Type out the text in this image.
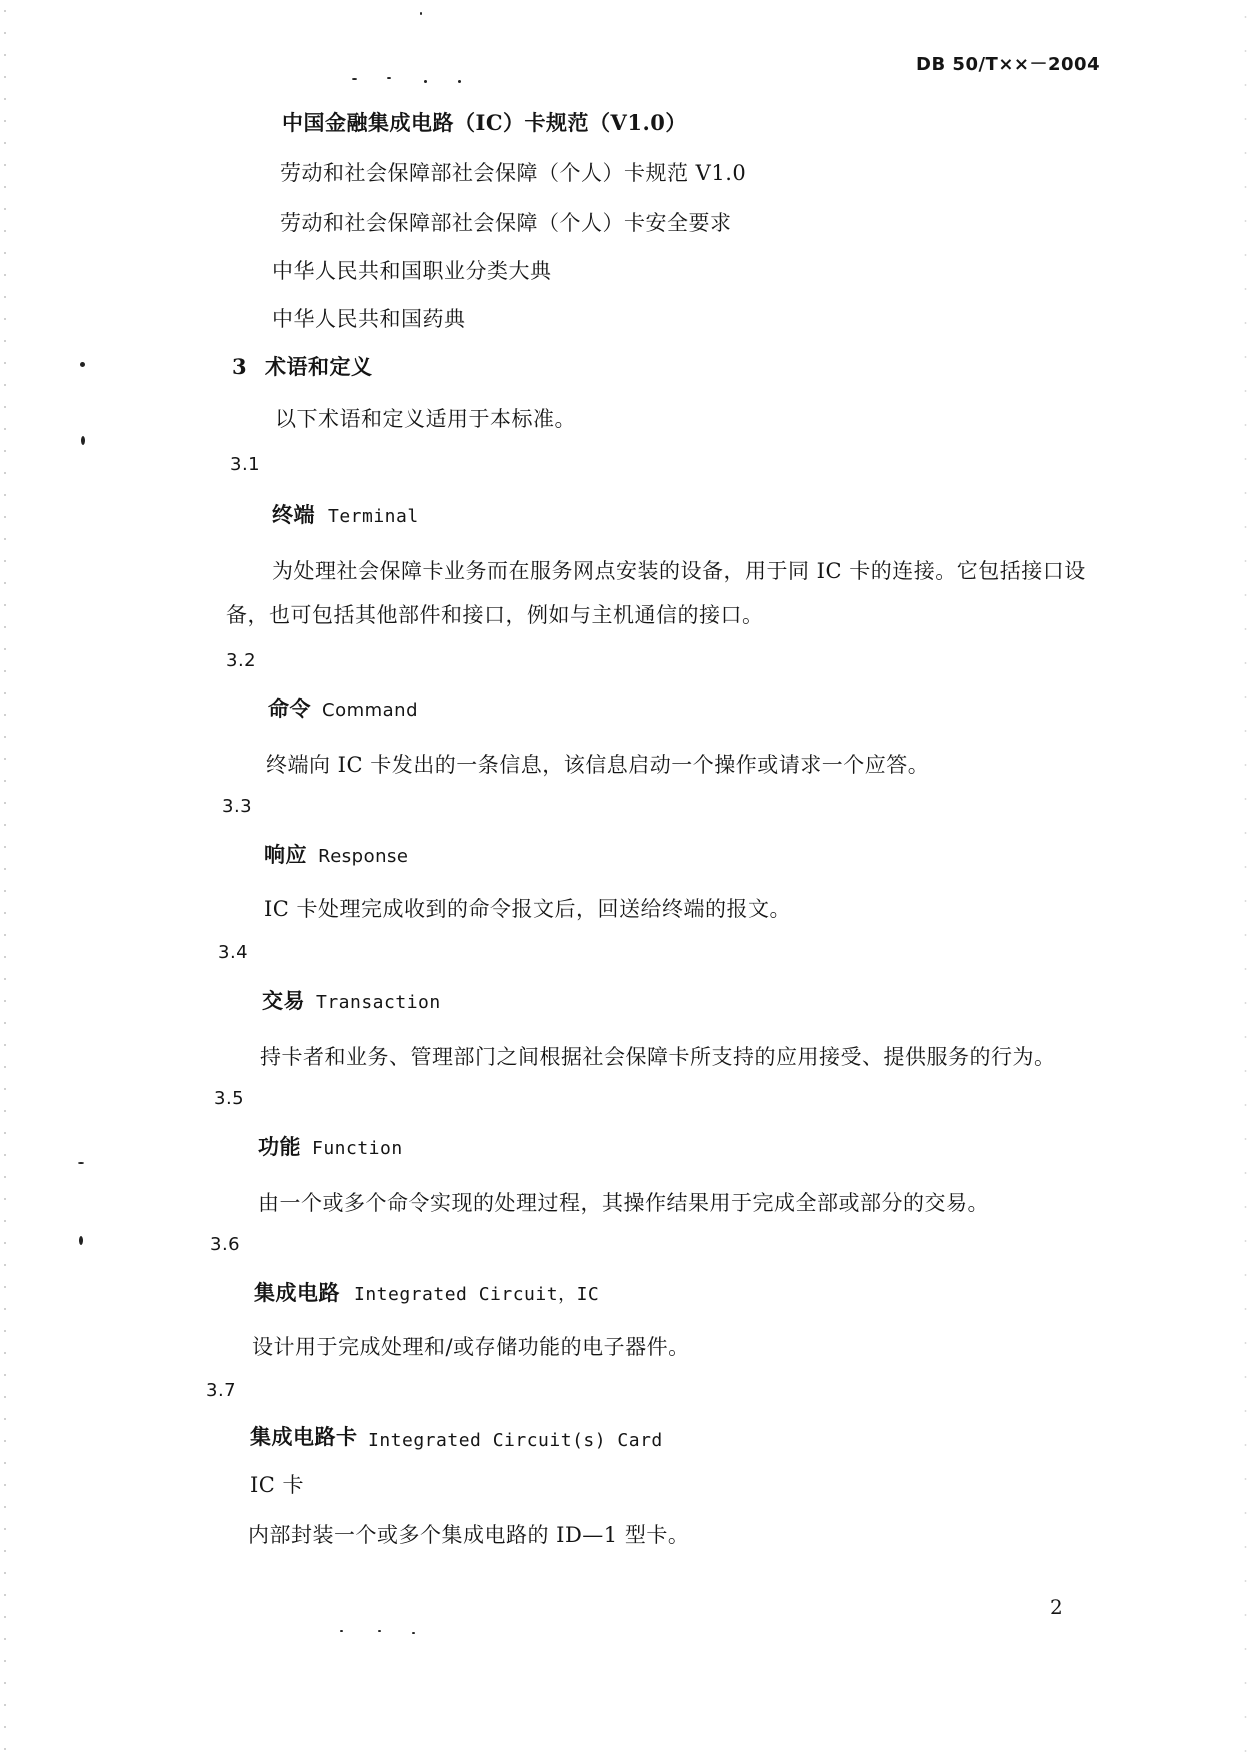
DB 50/T××－2004
中国金融集成电路（IC）卡规范（V1.0）
劳动和社会保障部社会保障（个人）卡规范 V1.0
劳动和社会保障部社会保障（个人）卡安全要求
中华人民共和国职业分类大典
中华人民共和国药典
3 术语和定义
以下术语和定义适用于本标准。
3.1
终端 Terminal
为处理社会保障卡业务而在服务网点安装的设备，用于同 IC 卡的连接。它包括接口设
备，也可包括其他部件和接口，例如与主机通信的接口。
3.2
命令 Command
终端向 IC 卡发出的一条信息，该信息启动一个操作或请求一个应答。
3.3
响应 Response
IC 卡处理完成收到的命令报文后，回送给终端的报文。
3.4
交易 Transaction
持卡者和业务、管理部门之间根据社会保障卡所支持的应用接受、提供服务的行为。
3.5
功能 Function
由一个或多个命令实现的处理过程，其操作结果用于完成全部或部分的交易。
3.6
集成电路 Integrated Circuit，IC
设计用于完成处理和/或存储功能的电子器件。
3.7
集成电路卡 Integrated Circuit(s) Card
IC 卡
内部封装一个或多个集成电路的 ID—1 型卡。
2
